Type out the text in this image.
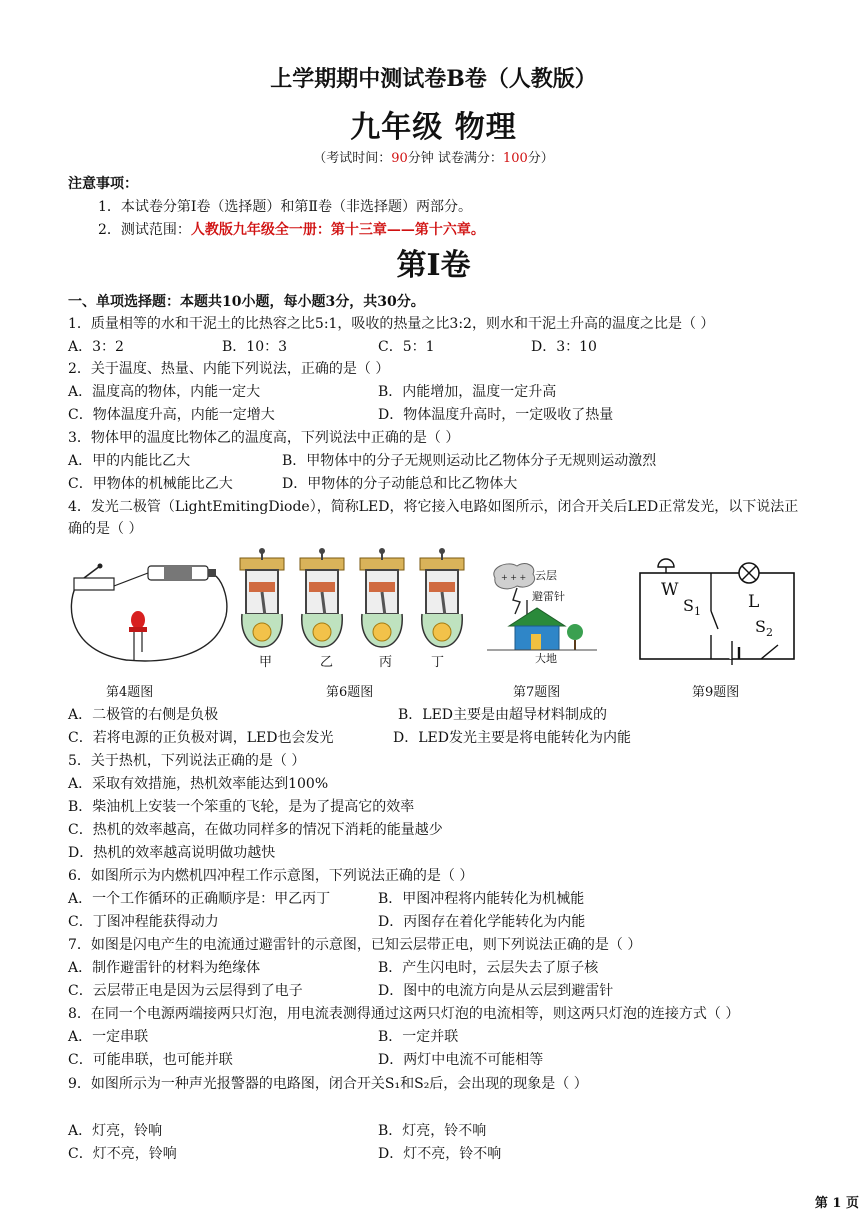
上学期期中测试卷B卷（人教版）
九年级 物理
（考试时间：90分钟 试卷满分：100分）
注意事项：
1．本试卷分第Ⅰ卷（选择题）和第Ⅱ卷（非选择题）两部分。
2．测试范围：人教版九年级全一册：第十三章——第十六章。
第Ⅰ卷
一、单项选择题：本题共10小题，每小题3分，共30分。
1．质量相等的水和干泥土的比热容之比5:1，吸收的热量之比3:2，则水和干泥土升高的温度之比是（ ）
A．3：2	B．10：3	C．5：1	D．3：10
2．关于温度、热量、内能下列说法，正确的是（ ）
A．温度高的物体，内能一定大	B．内能增加，温度一定升高
C．物体温度升高，内能一定增大	D．物体温度升高时，一定吸收了热量
3．物体甲的温度比物体乙的温度高，下列说法中正确的是（ ）
A．甲的内能比乙大	B．甲物体中的分子无规则运动比乙物体分子无规则运动激烈
C．甲物体的机械能比乙大	D．甲物体的分子动能总和比乙物体大
4．发光二极管（LightEmitingDiode），简称LED，将它接入电路如图所示，闭合开关后LED正常发光，以下说法正
确的是（ ）
甲	乙	丙	丁
+ + + 云层
避雷针
大地
W
$S_1$	L
$S_2$
第4题图	第6题图	第7题图	第9题图
A．二极管的右侧是负极	B．LED主要是由超导材料制成的
C．若将电源的正负极对调，LED也会发光	D．LED发光主要是将电能转化为内能
5．关于热机，下列说法正确的是（ ）
A．采取有效措施，热机效率能达到100%
B．柴油机上安装一个笨重的飞轮，是为了提高它的效率
C．热机的效率越高，在做功同样多的情况下消耗的能量越少
D．热机的效率越高说明做功越快
6．如图所示为内燃机四冲程工作示意图，下列说法正确的是（ ）
A．一个工作循环的正确顺序是：甲乙丙丁	B．甲图冲程将内能转化为机械能
C．丁图冲程能获得动力	D．丙图存在着化学能转化为内能
7．如图是闪电产生的电流通过避雷针的示意图，已知云层带正电，则下列说法正确的是（ ）
A．制作避雷针的材料为绝缘体	B．产生闪电时，云层失去了原子核
C．云层带正电是因为云层得到了电子	D．图中的电流方向是从云层到避雷针
8．在同一个电源两端接两只灯泡，用电流表测得通过这两只灯泡的电流相等，则这两只灯泡的连接方式（ ）
A．一定串联	B．一定并联
C．可能串联，也可能并联	D．两灯中电流不可能相等
9．如图所示为一种声光报警器的电路图，闭合开关S₁和S₂后，会出现的现象是（ ）
A．灯亮，铃响	B．灯亮，铃不响
C．灯不亮，铃响	D．灯不亮，铃不响
第 1 页
